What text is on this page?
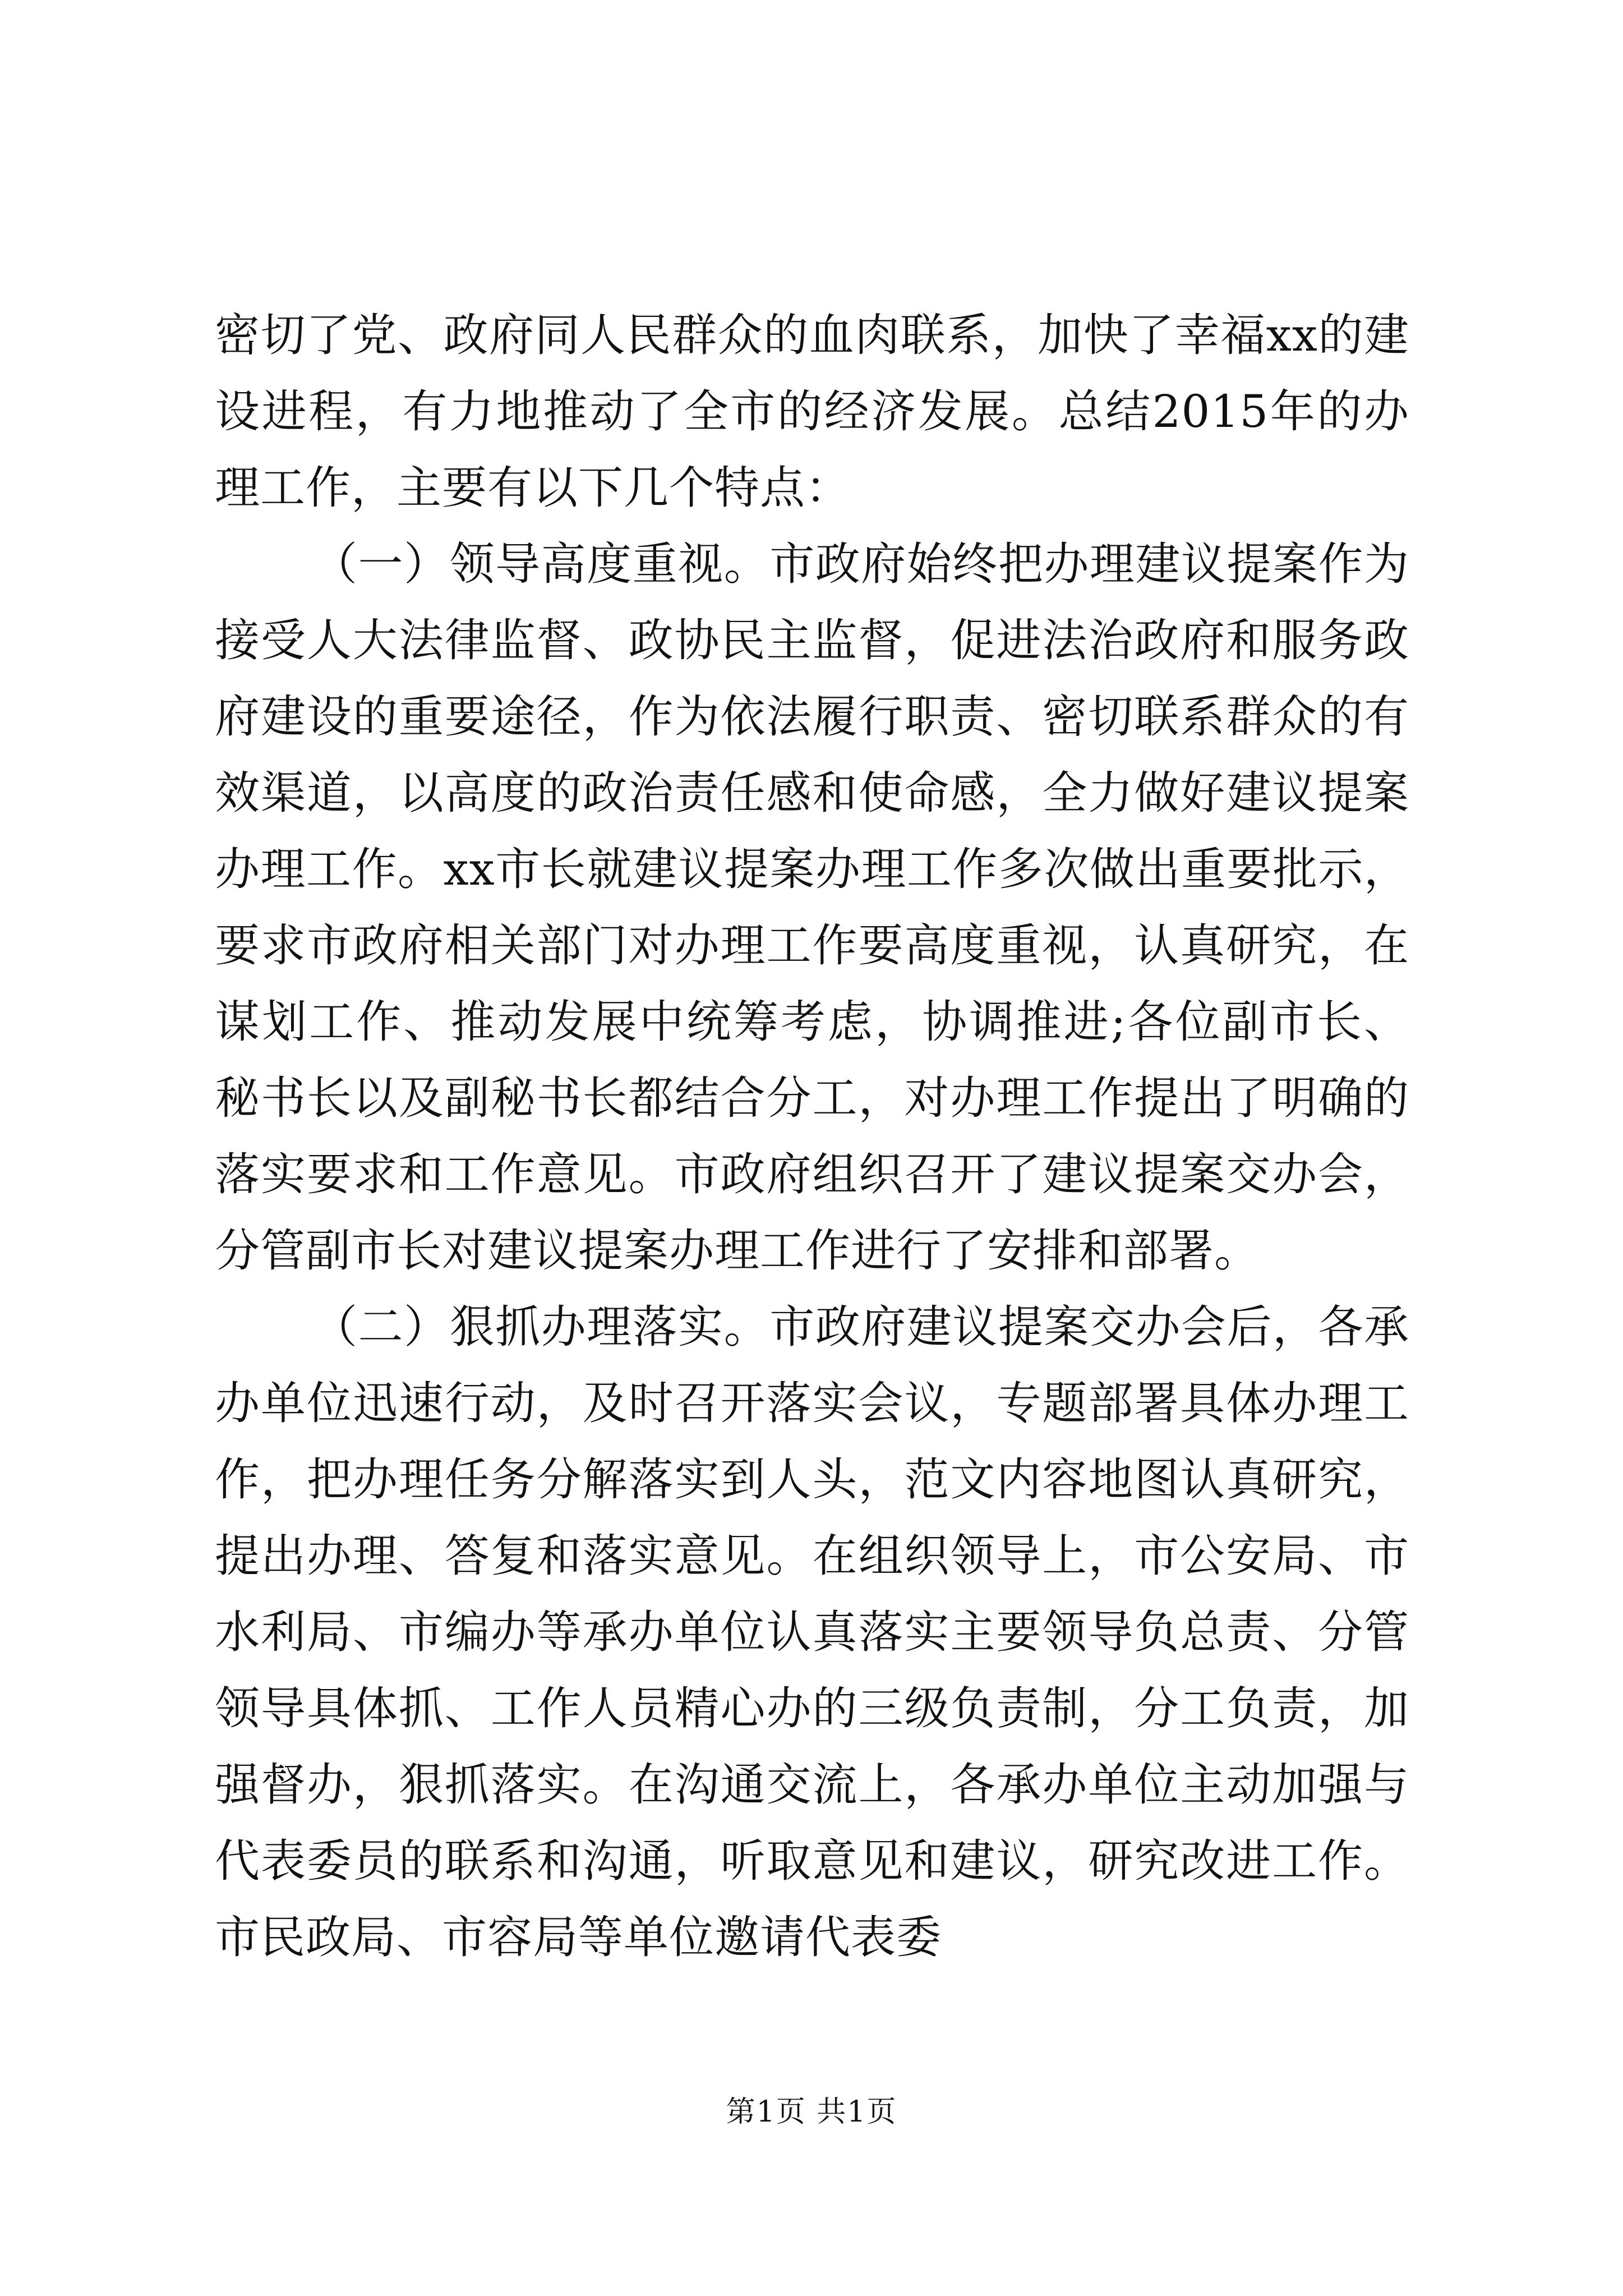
密切了党、政府同人民群众的血肉联系，加快了幸福xx的建设进程，有力地推动了全市的经济发展。总结2015年的办理工作，主要有以下几个特点：

（一）领导高度重视。市政府始终把办理建议提案作为接受人大法律监督、政协民主监督，促进法治政府和服务政府建设的重要途径，作为依法履行职责、密切联系群众的有效渠道，以高度的政治责任感和使命感，全力做好建议提案办理工作。xx市长就建议提案办理工作多次做出重要批示，要求市政府相关部门对办理工作要高度重视，认真研究，在谋划工作、推动发展中统筹考虑，协调推进;各位副市长、秘书长以及副秘书长都结合分工，对办理工作提出了明确的落实要求和工作意见。市政府组织召开了建议提案交办会，分管副市长对建议提案办理工作进行了安排和部署。

（二）狠抓办理落实。市政府建议提案交办会后，各承办单位迅速行动，及时召开落实会议，专题部署具体办理工作，把办理任务分解落实到人头，范文内容地图认真研究，提出办理、答复和落实意见。在组织领导上，市公安局、市水利局、市编办等承办单位认真落实主要领导负总责、分管领导具体抓、工作人员精心办的三级负责制，分工负责，加强督办，狠抓落实。在沟通交流上，各承办单位主动加强与代表委员的联系和沟通，听取意见和建议，研究改进工作。市民政局、市容局等单位邀请代表委

第1页 共1页
